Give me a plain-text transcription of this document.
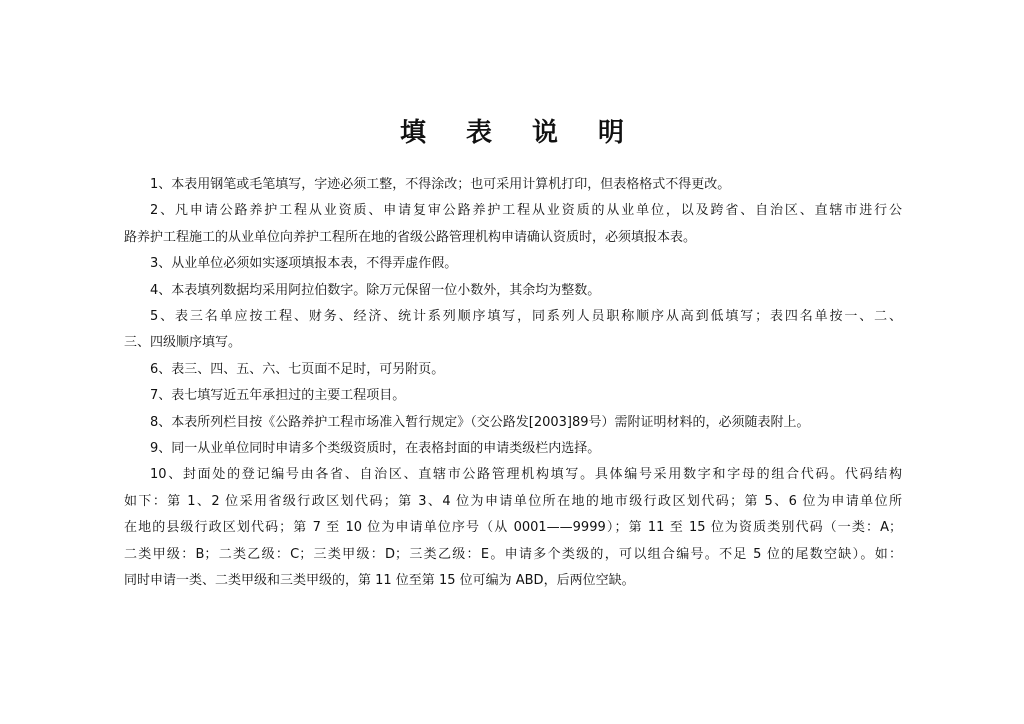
填 表 说 明
1、本表用钢笔或毛笔填写，字迹必须工整，不得涂改；也可采用计算机打印，但表格格式不得更改。
2、凡申请公路养护工程从业资质、申请复审公路养护工程从业资质的从业单位，以及跨省、自治区、直辖市进行公
路养护工程施工的从业单位向养护工程所在地的省级公路管理机构申请确认资质时，必须填报本表。
3、从业单位必须如实逐项填报本表，不得弄虚作假。
4、本表填列数据均采用阿拉伯数字。除万元保留一位小数外，其余均为整数。
5、表三名单应按工程、财务、经济、统计系列顺序填写，同系列人员职称顺序从高到低填写；表四名单按一、二、
三、四级顺序填写。
6、表三、四、五、六、七页面不足时，可另附页。
7、表七填写近五年承担过的主要工程项目。
8、本表所列栏目按《公路养护工程市场准入暂行规定》（交公路发[2003]89号）需附证明材料的，必须随表附上。
9、同一从业单位同时申请多个类级资质时，在表格封面的申请类级栏内选择。
10、封面处的登记编号由各省、自治区、直辖市公路管理机构填写。具体编号采用数字和字母的组合代码。代码结构
如下：第 1、2 位采用省级行政区划代码；第 3、4 位为申请单位所在地的地市级行政区划代码；第 5、6 位为申请单位所
在地的县级行政区划代码；第 7 至 10 位为申请单位序号（从 0001——9999）；第 11 至 15 位为资质类别代码（一类：A；
二类甲级：B；二类乙级：C；三类甲级：D；三类乙级：E。申请多个类级的，可以组合编号。不足 5 位的尾数空缺）。如：
同时申请一类、二类甲级和三类甲级的，第 11 位至第 15 位可编为 ABD，后两位空缺。
